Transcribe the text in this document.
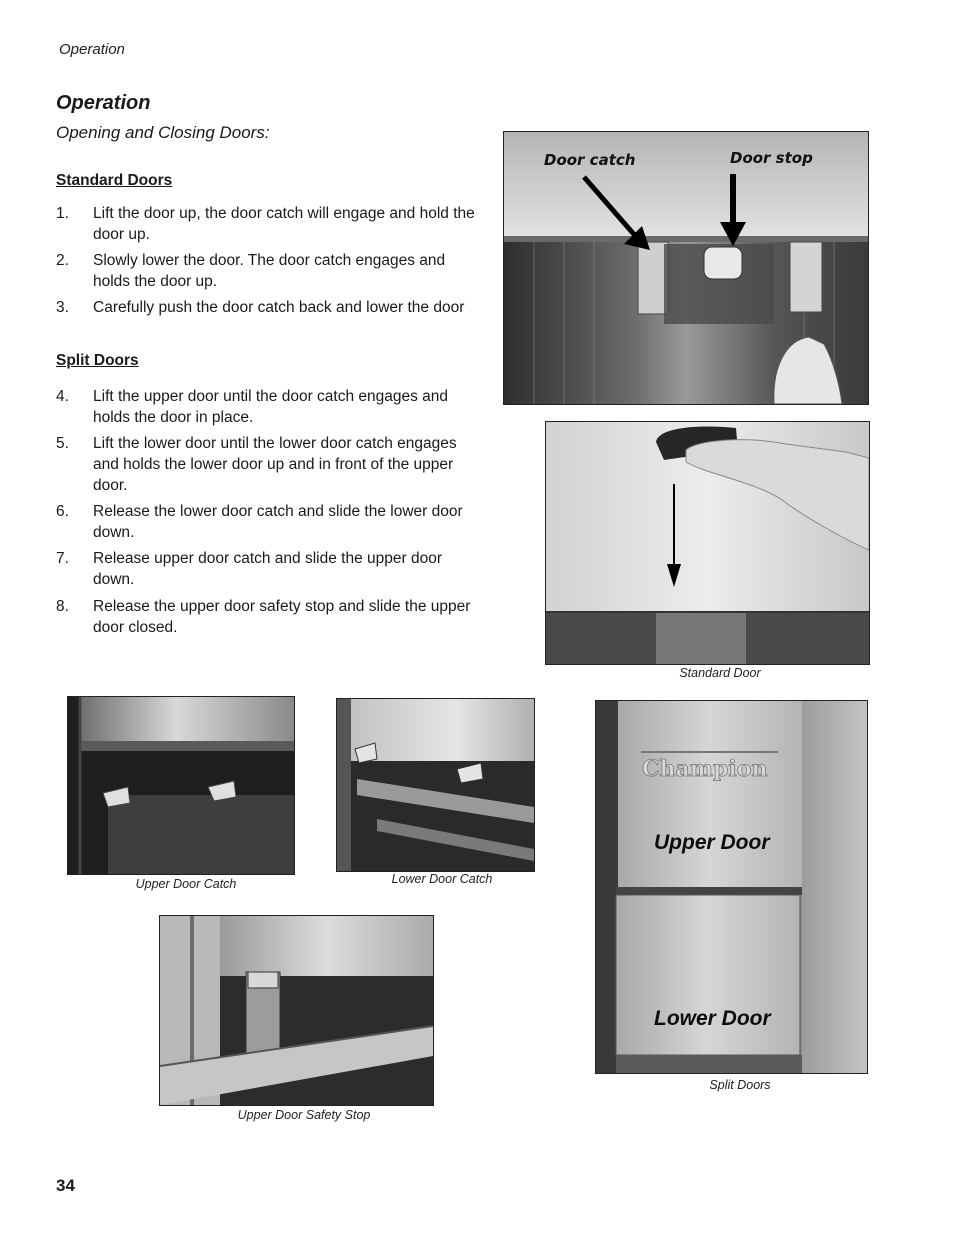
Operation
Operation
Opening and Closing Doors:
Standard Doors
1. Lift the door up, the door catch will engage and hold the door up.
2. Slowly lower the door. The door catch engages and holds the door up.
3. Carefully push the door catch back and lower the door
Split Doors
4. Lift the upper door until the door catch engages and holds the door in place.
5. Lift the lower door until the lower door catch engages and holds the lower door up and in front of the upper door.
6. Release the lower door catch and slide the lower door down.
7. Release upper door catch and slide the upper door down.
8. Release the upper door safety stop and slide the upper door closed.
Door catch	Door stop
Standard Door
Upper Door Catch	Lower Door Catch
Upper Door Safety Stop
Champion
Upper Door
Lower Door
Split Doors
34
